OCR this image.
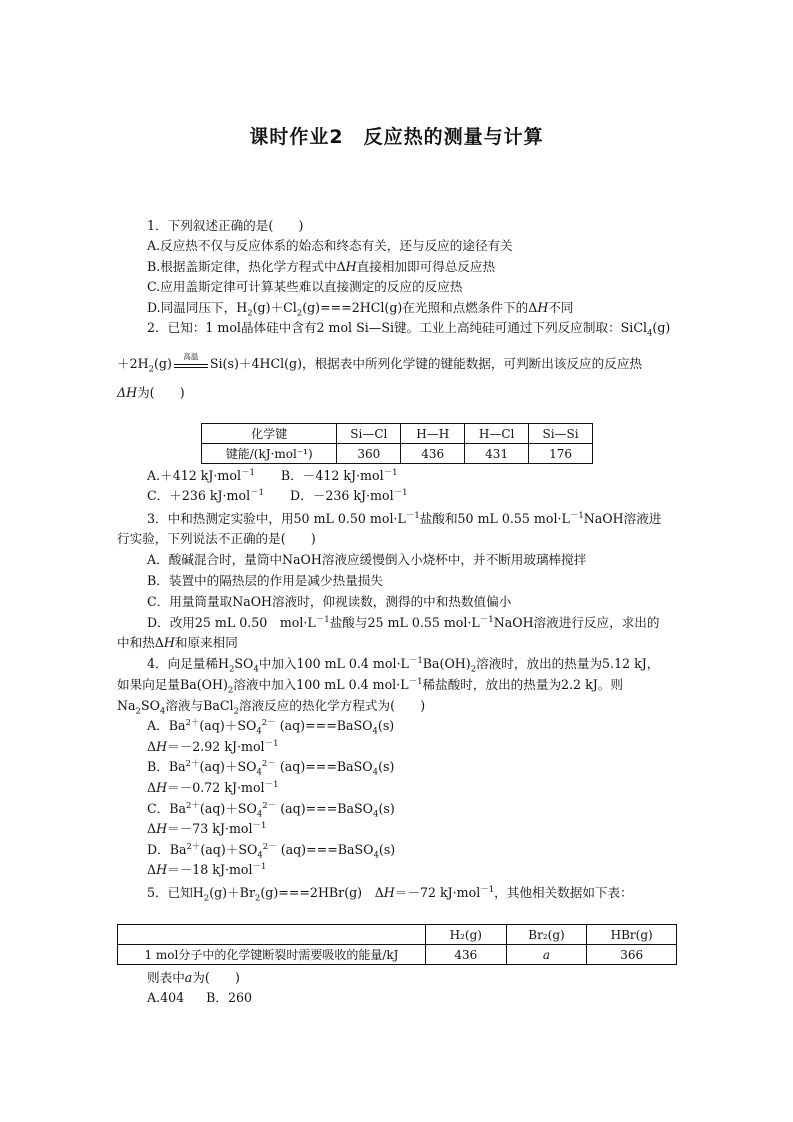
课时作业2　反应热的测量与计算
1．下列叙述正确的是(　　)
A.反应热不仅与反应体系的始态和终态有关，还与反应的途径有关
B.根据盖斯定律，热化学方程式中ΔH直接相加即可得总反应热
C.应用盖斯定律可计算某些难以直接测定的反应的反应热
D.同温同压下，$H_2(g)+Cl_2(g)===2HCl(g)$在光照和点燃条件下的ΔH不同
2．已知：1 mol晶体硅中含有2 mol Si—Si键。工业上高纯硅可通过下列反应制取：SiCl$_4$(g)
$+2H_2(g)$	高温 Si(s)＋4HCl(g)，根据表中所列化学键的键能数据，可判断出该反应的反应热
ΔH为(　　)
化学键	Si—Cl	H—H	H—Cl	Si—Si
键能/(kJ·mol⁻¹)	360	436	431	176
A.＋412 kJ·mol$^{-1}$ B．－412 kJ·mol$^{-1}$
C．＋236 kJ·mol$^{-1}$ D．－236 kJ·mol$^{-1}$
3．中和热测定实验中，用50 mL 0.50 $mol\cdot L^{-1}$盐酸和50 mL 0.55 $mol\cdot L^{-1}NaOH$溶液进
行实验，下列说法不正确的是(　　)
A．酸碱混合时，量筒中NaOH溶液应缓慢倒入小烧杯中，并不断用玻璃棒搅拌
B．装置中的隔热层的作用是减少热量损失
C．用量筒量取NaOH溶液时，仰视读数，测得的中和热数值偏小
D．改用25 mL 0.50　$mol\cdot L^{-1}$盐酸与25 mL 0.55 $mol\cdot L^{-1}NaOH$溶液进行反应，求出的
中和热ΔH和原来相同
4．向足量稀$H_2SO_4$中加入100 mL 0.4 $mol\cdot L^{-1}Ba(OH)_2$溶液时，放出的热量为5.12 kJ，
如果向足量$Ba(OH)_2$溶液中加入100 mL 0.4 $mol\cdot L^{-1}$稀盐酸时，放出的热量为2.2 kJ。则
$Na_2SO_4$溶液与BaCl$_2$溶液反应的热化学方程式为(　　)
A．$Ba^{2+}(aq)+SO_4^{2-}$ (aq)===BaSO$_4$(s)
ΔH＝－2.92 kJ·mol$^{-1}$
B．$Ba^{2+}(aq)+SO_4^{2-}$ (aq)===BaSO$_4$(s)
ΔH＝－0.72 kJ·mol$^{-1}$
C．$Ba^{2+}(aq)+SO_4^{2-}$ (aq)===BaSO$_4$(s)
ΔH＝－73 kJ·mol$^{-1}$
D．$Ba^{2+}(aq)+SO_4^{2-}$ (aq)===BaSO$_4$(s)
ΔH＝－18 kJ·mol$^{-1}$
5．已知$H_2(g)+Br_2(g)===2HBr(g)$　ΔH＝－72 kJ·mol$^{-1}$，其他相关数据如下表：
	H₂(g)	Br₂(g)	HBr(g)
1 mol分子中的化学键断裂时需要吸收的能量/kJ	436	a	366
则表中a为(　　)
A.404 B．260
